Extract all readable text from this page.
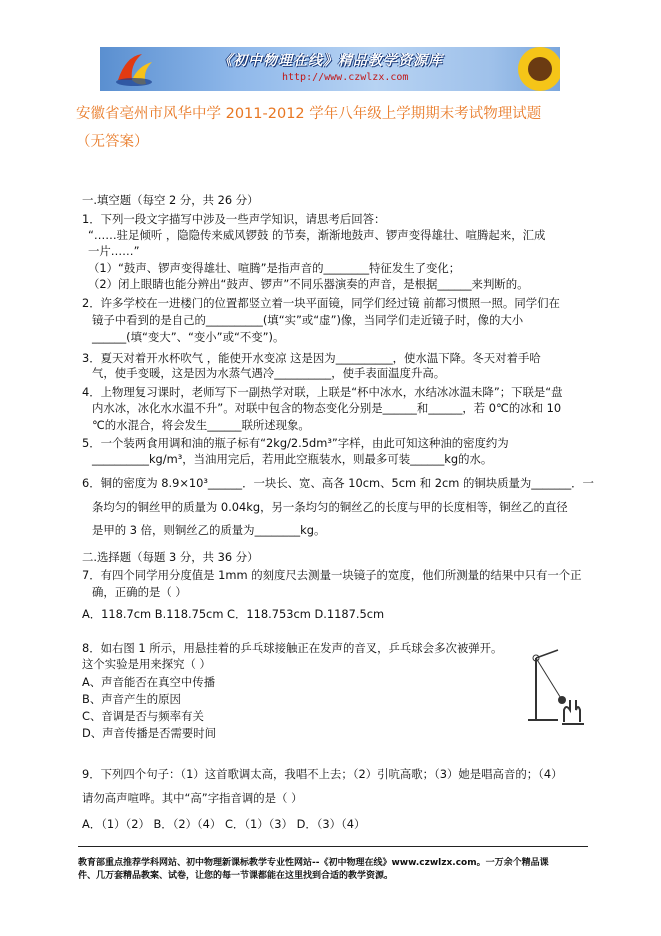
《初中物理在线》精品教学资源库
http://www.czwlzx.com
安徽省亳州市风华中学 2011-2012 学年八年级上学期期末考试物理试题
（无答案）
一.填空题（每空 2 分，共 26 分）
1．下列一段文字描写中涉及一些声学知识，请思考后回答：
“……驻足倾听 ，隐隐传来威风锣鼓 的节奏，渐渐地鼓声、锣声变得雄壮、喧腾起来，汇成
一片……”
（1）“鼓声、锣声变得雄壮、喧腾”是指声音的________特征发生了变化；
（2）闭上眼睛也能分辨出“鼓声、锣声”不同乐器演奏的声音，是根据______来判断的。
2．许多学校在一进楼门的位置都竖立着一块平面镜，同学们经过镜 前都习惯照一照。同学们在
镜子中看到的是自己的__________(填“实”或“虚”)像，当同学们走近镜子时，像的大小
______(填“变大”、“变小”或“不变”)。
3．夏天对着开水杯吹气 ，能使开水变凉 这是因为__________，使水温下降。冬天对着手哈
气，使手变暖，这是因为水蒸气遇冷__________，使手表面温度升高。
4．上物理复习课时，老师写下一副热学对联，上联是“杯中冰水，水结冰冰温未降”；下联是“盘
内水冰，冰化水水温不升”。对联中包含的物态变化分别是______和______，若 0℃的冰和 10
℃的水混合，将会发生______联所述现象。
5．一个装两食用调和油的瓶子标有“2kg/2.5dm³”字样，由此可知这种油的密度约为
__________kg/m³，当油用完后，若用此空瓶装水，则最多可装______kg的水。
6．铜的密度为 8.9×10³______．一块长、宽、高各 10cm、5cm 和 2cm 的铜块质量为_______．一
条均匀的铜丝甲的质量为 0.04kg，另一条均匀的铜丝乙的长度与甲的长度相等，铜丝乙的直径
是甲的 3 倍，则铜丝乙的质量为________kg。
二.选择题（每题 3 分，共 36 分）
7．有四个同学用分度值是 1mm 的刻度尺去测量一块镜子的宽度，他们所测量的结果中只有一个正
确，正确的是（ ）
A．118.7cm B.118.75cm C．118.753cm D.1187.5cm
8．如右图 1 所示，用悬挂着的乒乓球接触正在发声的音叉，乒乓球会多次被弹开。
这个实验是用来探究（ ）
A、声音能否在真空中传播
B、声音产生的原因
C、音调是否与频率有关
D、声音传播是否需要时间
9．下列四个句子：（1）这首歌调太高，我唱不上去；（2）引吭高歌；（3）她是唱高音的；（4）
请勿高声喧哗。其中“高”字指音调的是（ ）
A．（1）（2） B．（2）（4） C．（1）（3） D．（3）（4）
教育部重点推荐学科网站、初中物理新课标教学专业性网站--《初中物理在线》www.czwlzx.com。一万余个精品课
件、几万套精品教案、试卷，让您的每一节课都能在这里找到合适的教学资源。
